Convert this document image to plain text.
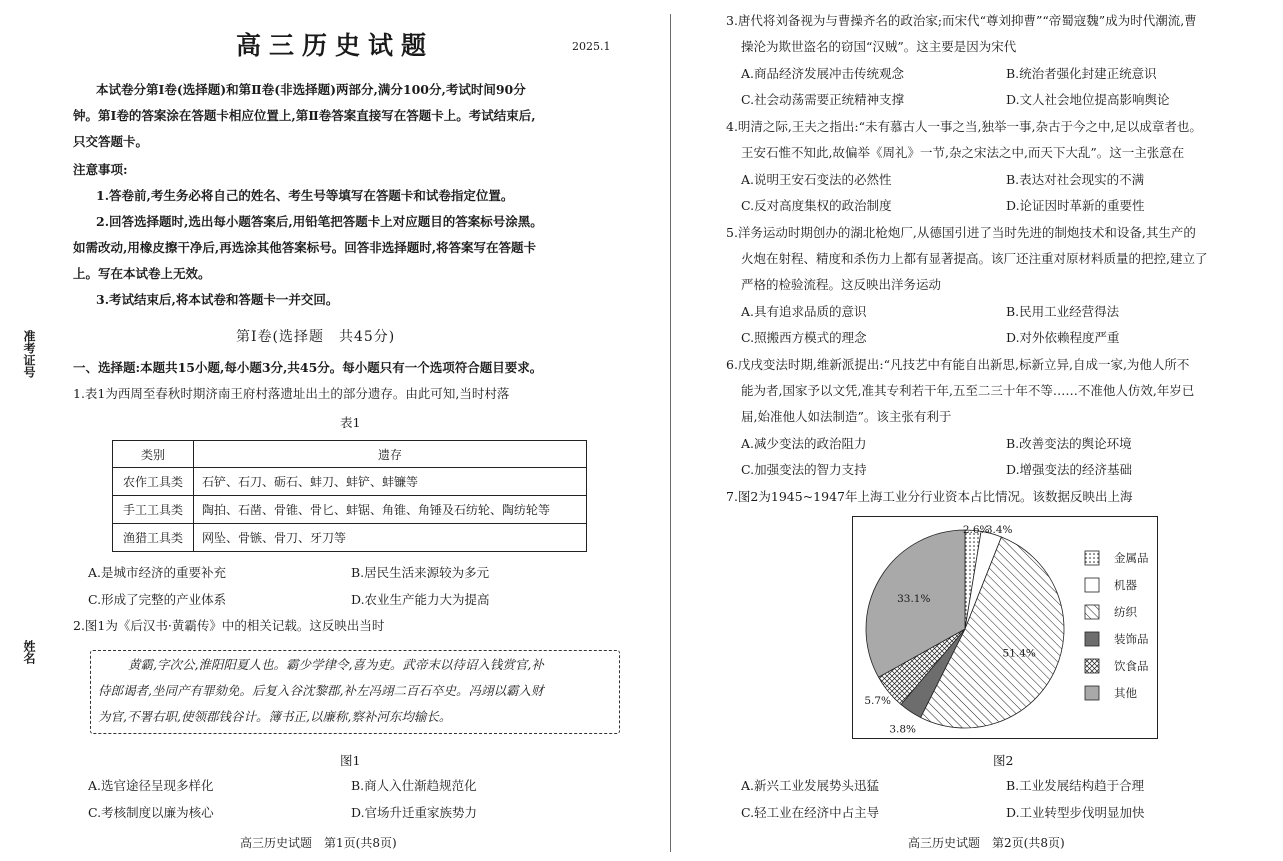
准考证号
姓名
高三历史试题	2025.1
本试卷分第Ⅰ卷(选择题)和第Ⅱ卷(非选择题)两部分,满分100分,考试时间90分
钟。第Ⅰ卷的答案涂在答题卡相应位置上,第Ⅱ卷答案直接写在答题卡上。考试结束后,
只交答题卡。
注意事项:
1.答卷前,考生务必将自己的姓名、考生号等填写在答题卡和试卷指定位置。
2.回答选择题时,选出每小题答案后,用铅笔把答题卡上对应题目的答案标号涂黑。
如需改动,用橡皮擦干净后,再选涂其他答案标号。回答非选择题时,将答案写在答题卡
上。写在本试卷上无效。
3.考试结束后,将本试卷和答题卡一并交回。
第Ⅰ卷(选择题　共45分)
一、选择题:本题共15小题,每小题3分,共45分。每小题只有一个选项符合题目要求。
1.表1为西周至春秋时期济南王府村落遗址出土的部分遗存。由此可知,当时村落
表1
类别	遗存
农作工具类	石铲、石刀、砺石、蚌刀、蚌铲、蚌镰等
手工工具类	陶拍、石凿、骨锥、骨匕、蚌锯、角锥、角锤及石纺轮、陶纺轮等
渔猎工具类	网坠、骨镞、骨刀、牙刀等
A.是城市经济的重要补充	B.居民生活来源较为多元
C.形成了完整的产业体系	D.农业生产能力大为提高
2.图1为《后汉书·黄霸传》中的相关记载。这反映出当时
黄霸,字次公,淮阳阳夏人也。霸少学律令,喜为吏。武帝末以待诏入钱赏官,补
侍郎谒者,坐同产有罪劾免。后复入谷沈黎郡,补左冯翊二百石卒史。冯翊以霸入财
为官,不署右职,使领郡钱谷计。簿书正,以廉称,察补河东均输长。
图1
A.选官途径呈现多样化	B.商人入仕渐趋规范化
C.考核制度以廉为核心	D.官场升迁重家族势力
高三历史试题　第1页(共8页)
3.唐代将刘备视为与曹操齐名的政治家;而宋代“尊刘抑曹”“帝蜀寇魏”成为时代潮流,曹
操沦为欺世盗名的窃国“汉贼”。这主要是因为宋代
A.商品经济发展冲击传统观念	B.统治者强化封建正统意识
C.社会动荡需要正统精神支撑	D.文人社会地位提高影响舆论
4.明清之际,王夫之指出:“未有慕古人一事之当,独举一事,杂古于今之中,足以成章者也。
王安石惟不知此,故偏举《周礼》一节,杂之宋法之中,而天下大乱”。这一主张意在
A.说明王安石变法的必然性	B.表达对社会现实的不满
C.反对高度集权的政治制度	D.论证因时革新的重要性
5.洋务运动时期创办的湖北枪炮厂,从德国引进了当时先进的制炮技术和设备,其生产的
火炮在射程、精度和杀伤力上都有显著提高。该厂还注重对原材料质量的把控,建立了
严格的检验流程。这反映出洋务运动
A.具有追求品质的意识	B.民用工业经营得法
C.照搬西方模式的理念	D.对外依赖程度严重
6.戊戌变法时期,维新派提出:“凡技艺中有能自出新思,标新立异,自成一家,为他人所不
能为者,国家予以文凭,准其专利若干年,五至二三十年不等……不准他人仿效,年岁已
届,始准他人如法制造”。该主张有利于
A.减少变法的政治阻力	B.改善变法的舆论环境
C.加强变法的智力支持	D.增强变法的经济基础
7.图2为1945~1947年上海工业分行业资本占比情况。该数据反映出上海
2.6%
3.4%
51.4%
3.8%
5.7%
33.1%
金属品
机器
纺织
装饰品
饮食品
其他
图2
A.新兴工业发展势头迅猛	B.工业发展结构趋于合理
C.轻工业在经济中占主导	D.工业转型步伐明显加快
高三历史试题　第2页(共8页)
